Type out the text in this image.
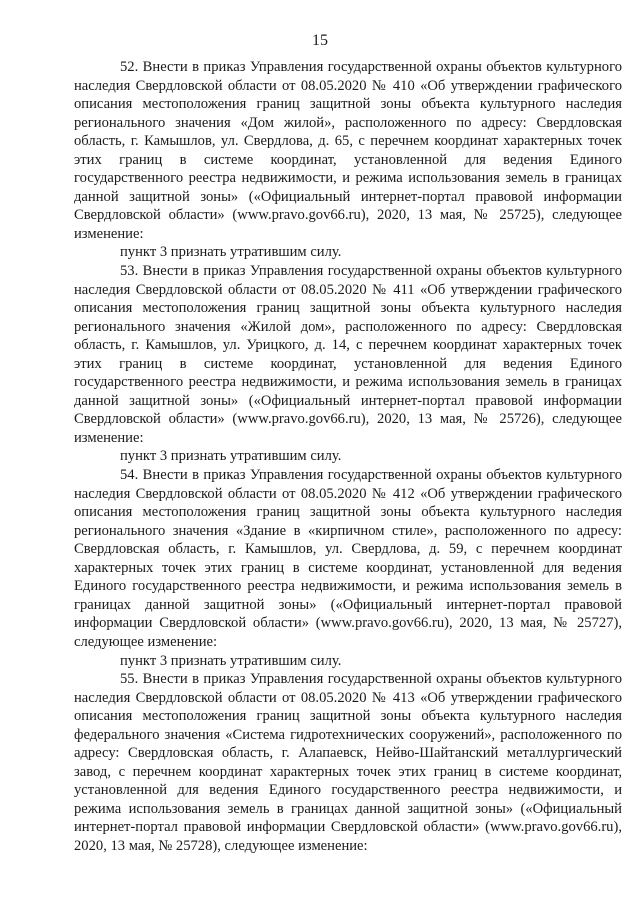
15

52. Внести в приказ Управления государственной охраны объектов культурного наследия Свердловской области от 08.05.2020 № 410 «Об утверждении графического описания местоположения границ защитной зоны объекта культурного наследия регионального значения «Дом жилой», расположенного по адресу: Свердловская область, г. Камышлов, ул. Свердлова, д. 65, с перечнем координат характерных точек этих границ в системе координат, установленной для ведения Единого государственного реестра недвижимости, и режима использования земель в границах данной защитной зоны» («Официальный интернет-портал правовой информации Свердловской области» (www.pravo.gov66.ru), 2020, 13 мая, № 25725), следующее изменение:

пункт 3 признать утратившим силу.

53. Внести в приказ Управления государственной охраны объектов культурного наследия Свердловской области от 08.05.2020 № 411 «Об утверждении графического описания местоположения границ защитной зоны объекта культурного наследия регионального значения «Жилой дом», расположенного по адресу: Свердловская область, г. Камышлов, ул. Урицкого, д. 14, с перечнем координат характерных точек этих границ в системе координат, установленной для ведения Единого государственного реестра недвижимости, и режима использования земель в границах данной защитной зоны» («Официальный интернет-портал правовой информации Свердловской области» (www.pravo.gov66.ru), 2020, 13 мая, № 25726), следующее изменение:

пункт 3 признать утратившим силу.

54. Внести в приказ Управления государственной охраны объектов культурного наследия Свердловской области от 08.05.2020 № 412 «Об утверждении графического описания местоположения границ защитной зоны объекта культурного наследия регионального значения «Здание в «кирпичном стиле», расположенного по адресу: Свердловская область, г. Камышлов, ул. Свердлова, д. 59, с перечнем координат характерных точек этих границ в системе координат, установленной для ведения Единого государственного реестра недвижимости, и режима использования земель в границах данной защитной зоны» («Официальный интернет-портал правовой информации Свердловской области» (www.pravo.gov66.ru), 2020, 13 мая, № 25727), следующее изменение:

пункт 3 признать утратившим силу.

55. Внести в приказ Управления государственной охраны объектов культурного наследия Свердловской области от 08.05.2020 № 413 «Об утверждении графического описания местоположения границ защитной зоны объекта культурного наследия федерального значения «Система гидротехнических сооружений», расположенного по адресу: Свердловская область, г. Алапаевск, Нейво-Шайтанский металлургический завод, с перечнем координат характерных точек этих границ в системе координат, установленной для ведения Единого государственного реестра недвижимости, и режима использования земель в границах данной защитной зоны» («Официальный интернет-портал правовой информации Свердловской области» (www.pravo.gov66.ru), 2020, 13 мая, № 25728), следующее изменение:
